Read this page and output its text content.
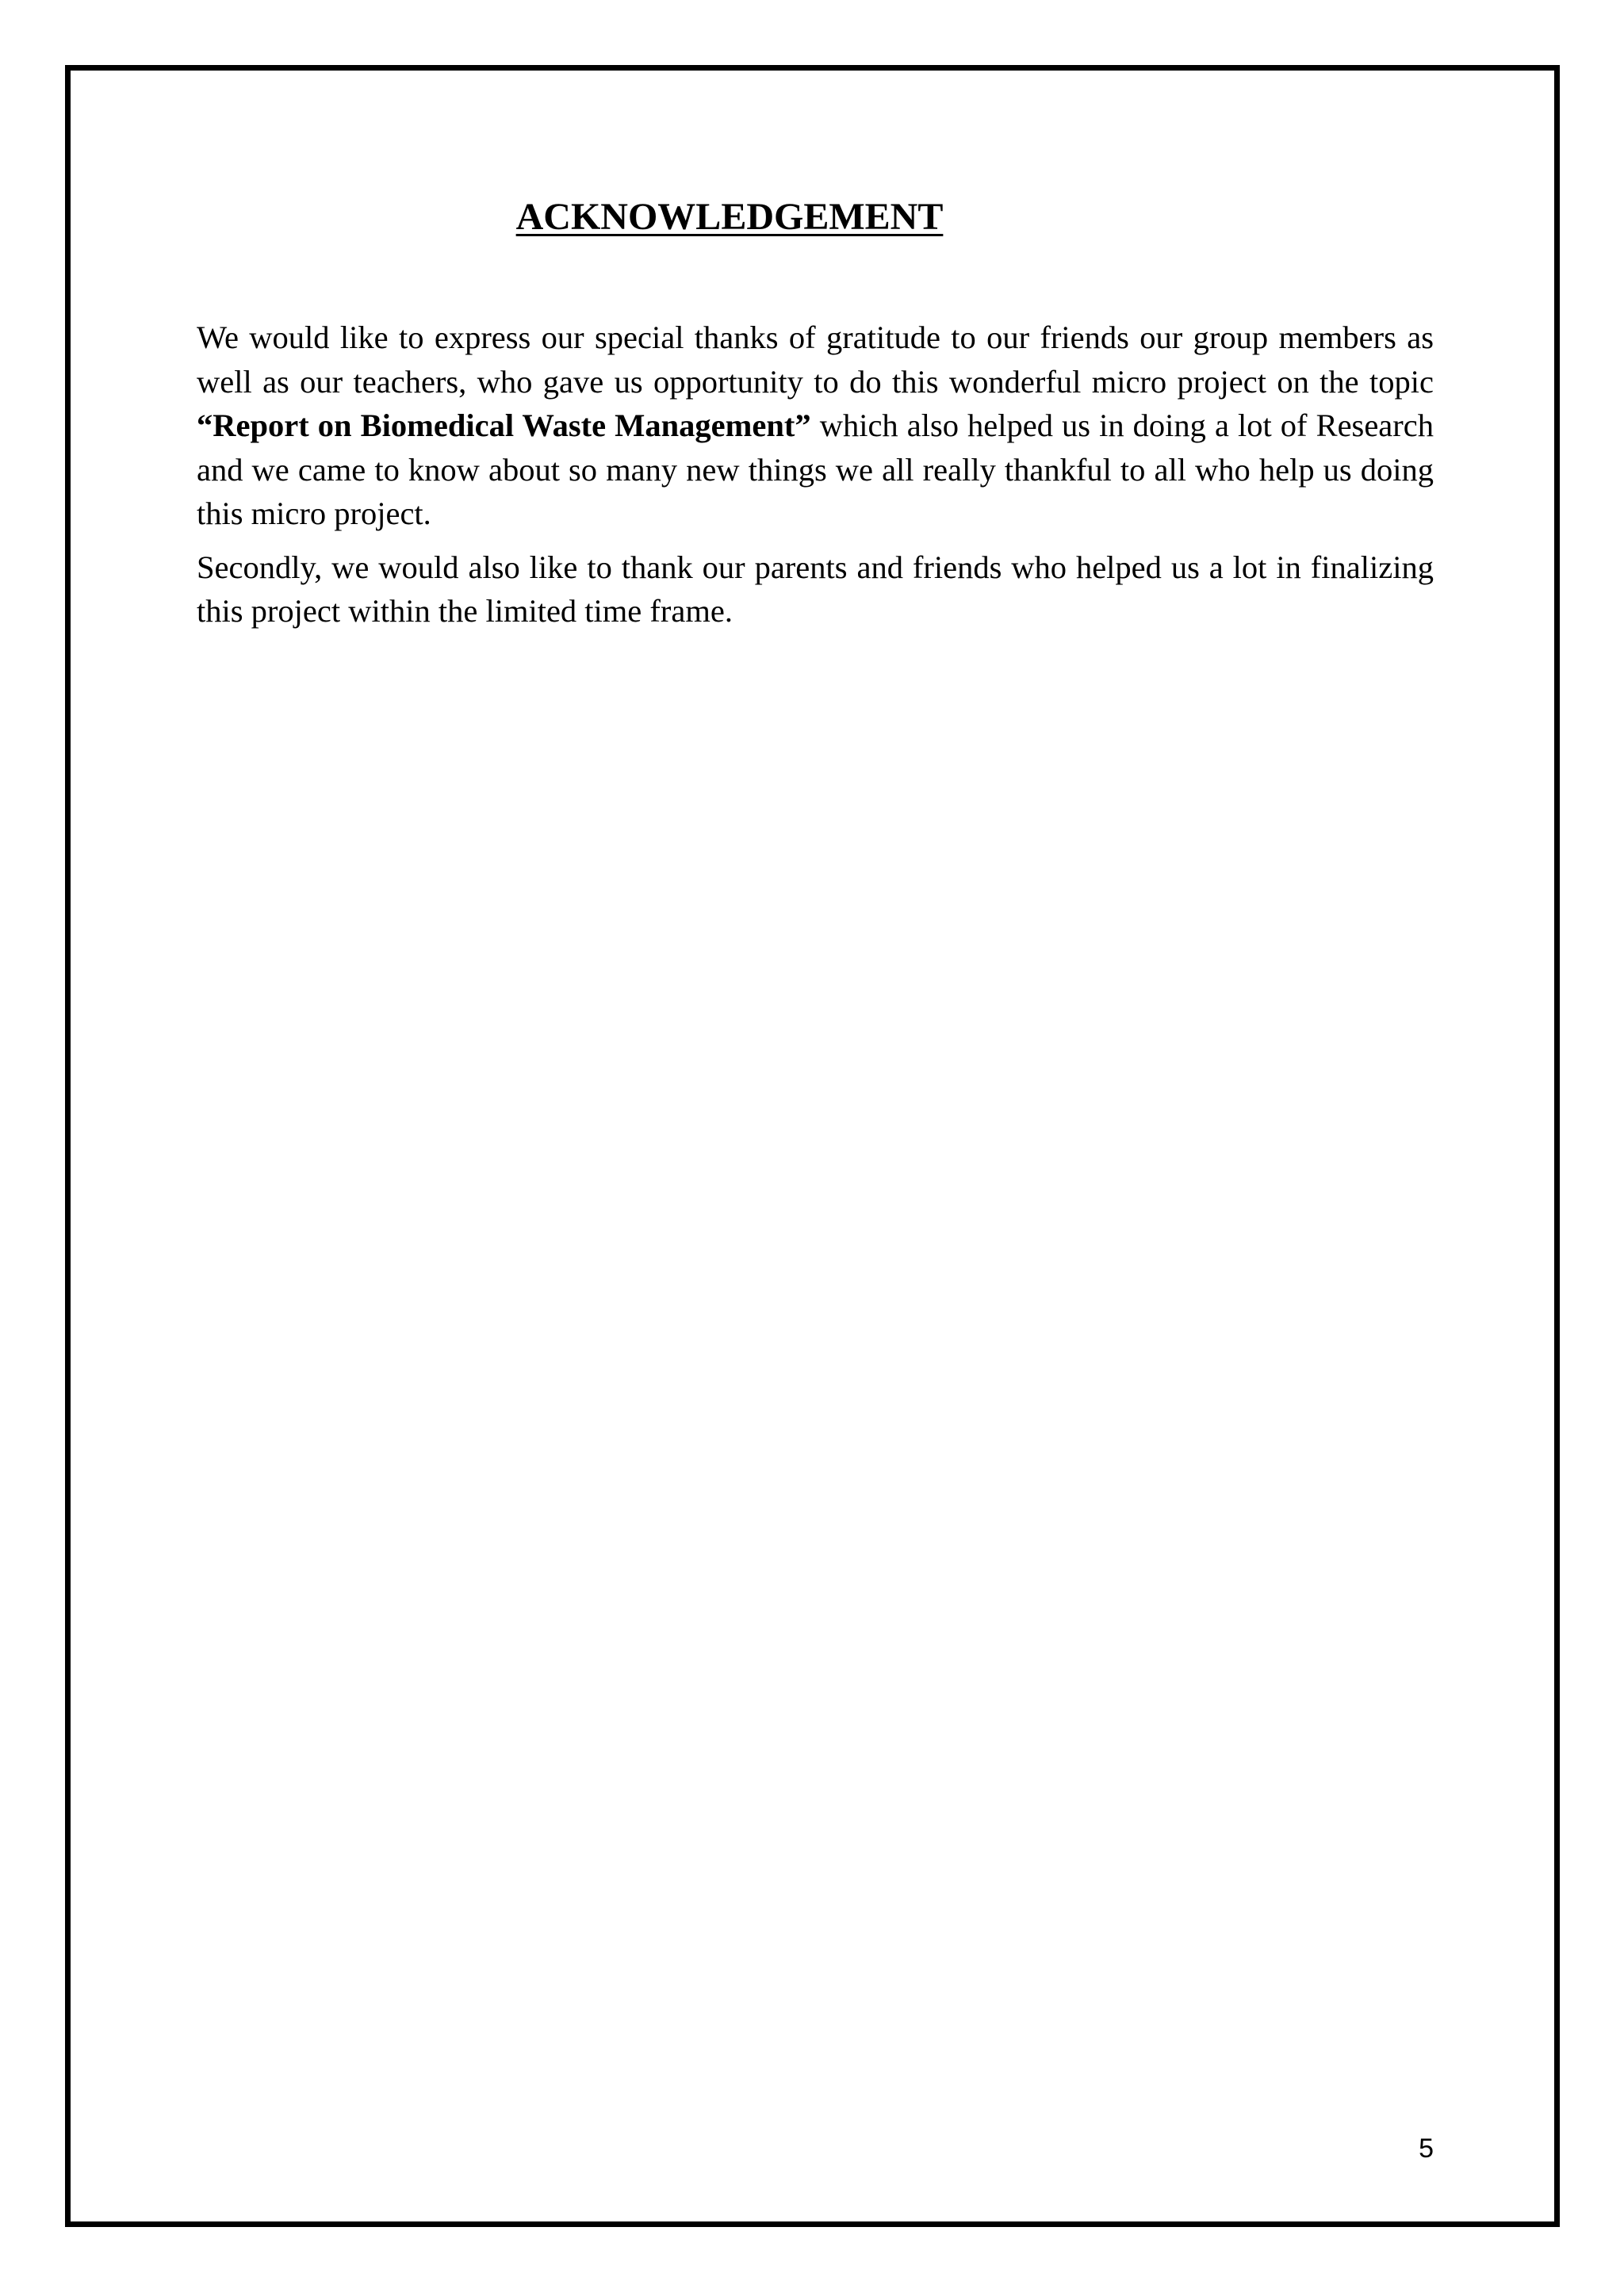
ACKNOWLEDGEMENT

We would like to express our special thanks of gratitude to our friends our group members as well as our teachers, who gave us opportunity to do this wonderful micro project on the topic “Report on Biomedical Waste Management” which also helped us in doing a lot of Research and we came to know about so many new things we all really thankful to all who help us doing this micro project.

Secondly, we would also like to thank our parents and friends who helped us a lot in finalizing this project within the limited time frame.

5
